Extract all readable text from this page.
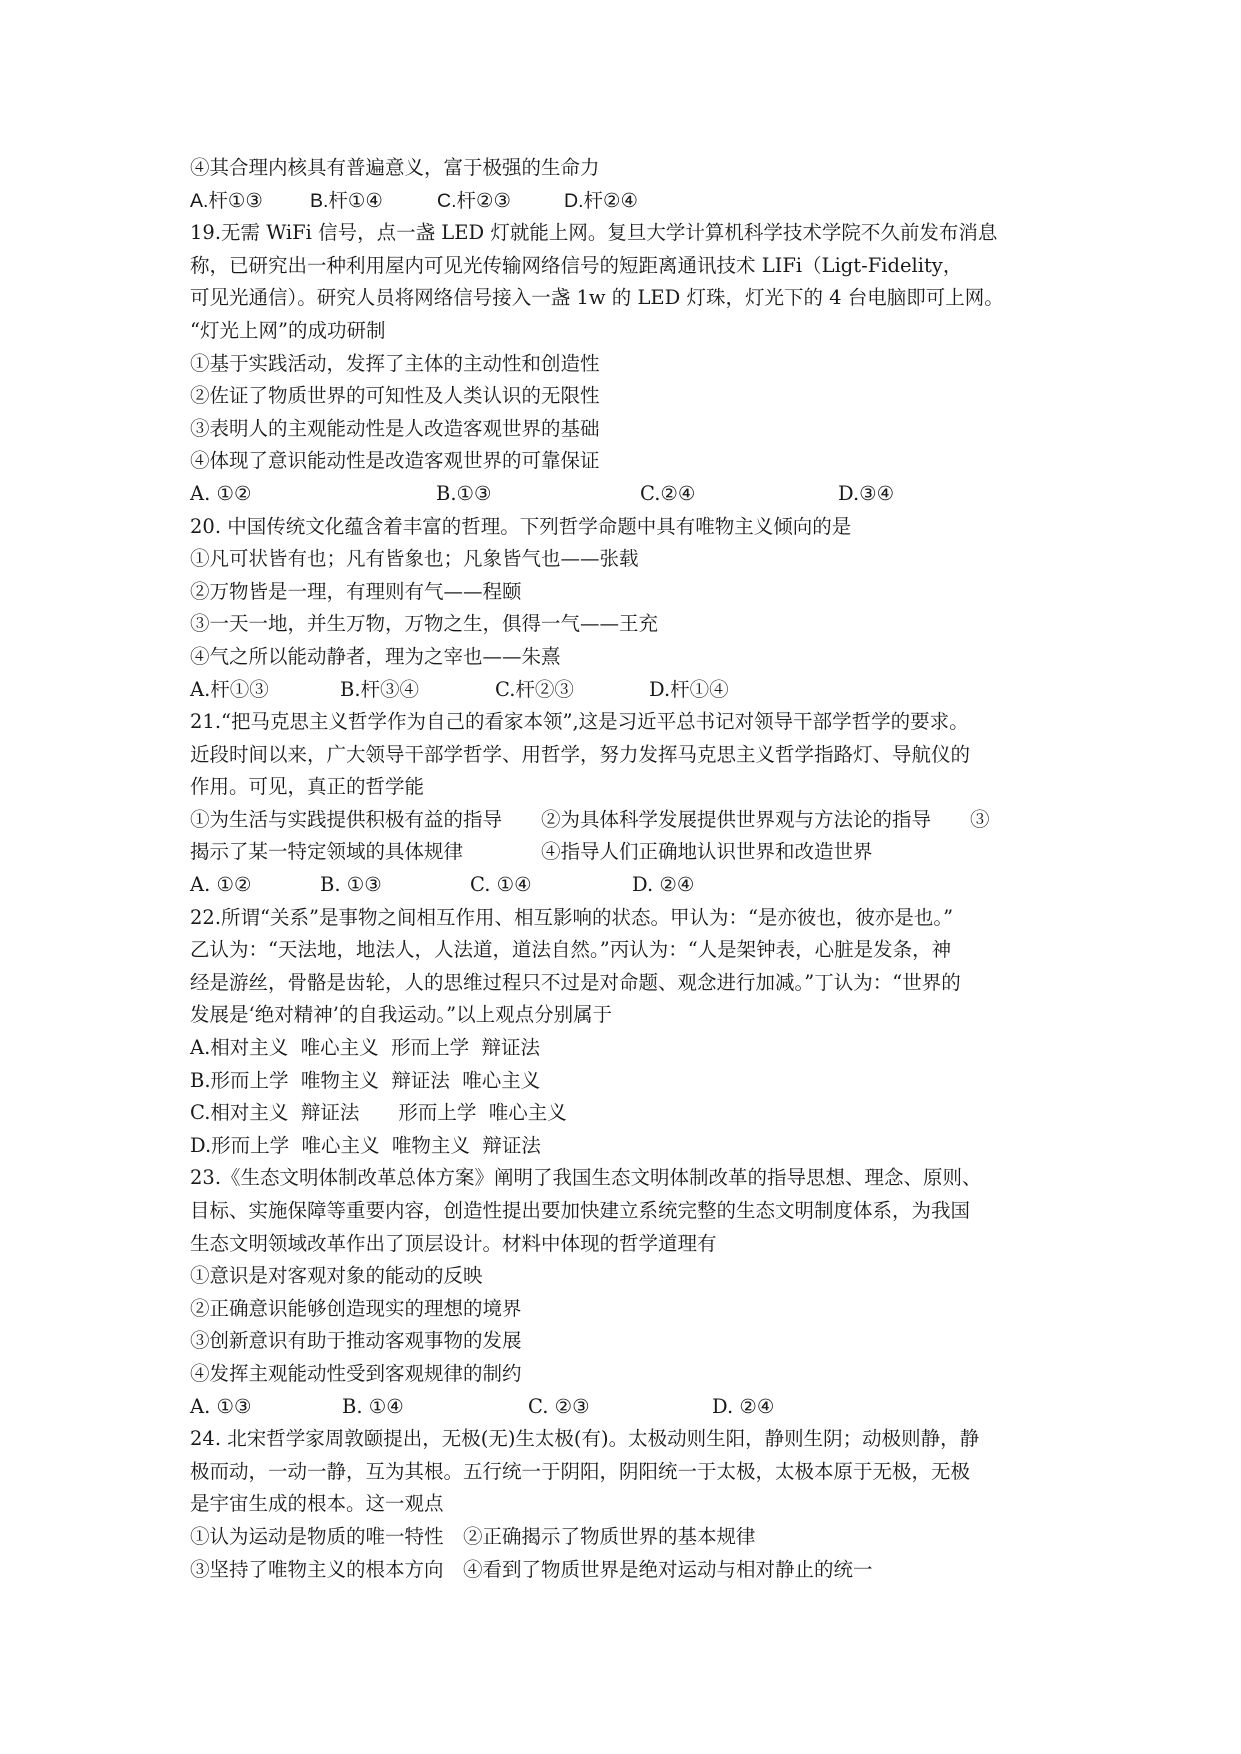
④其合理内核具有普遍意义，富于极强的生命力
A.杆①③	B.杆①④	C.杆②③	D.杆②④
19.无需 WiFi 信号，点一盏 LED 灯就能上网。复旦大学计算机科学技术学院不久前发布消息
称，已研究出一种利用屋内可见光传输网络信号的短距离通讯技术 LIFi（Ligt-Fidelity，
可见光通信）。研究人员将网络信号接入一盏 1w 的 LED 灯珠，灯光下的 4 台电脑即可上网。
“灯光上网”的成功研制
①基于实践活动，发挥了主体的主动性和创造性
②佐证了物质世界的可知性及人类认识的无限性
③表明人的主观能动性是人改造客观世界的基础
④体现了意识能动性是改造客观世界的可靠保证
A. ①②	B.①③	C.②④	D.③④
20. 中国传统文化蕴含着丰富的哲理。下列哲学命题中具有唯物主义倾向的是
①凡可状皆有也；凡有皆象也；凡象皆气也——张载
②万物皆是一理，有理则有气——程颐
③一天一地，并生万物，万物之生，俱得一气——王充
④气之所以能动静者，理为之宰也——朱熹
A.杆①③	B.杆③④	C.杆②③	D.杆①④
21.“把马克思主义哲学作为自己的看家本领”,这是习近平总书记对领导干部学哲学的要求。
近段时间以来，广大领导干部学哲学、用哲学，努力发挥马克思主义哲学指路灯、导航仪的
作用。可见，真正的哲学能
①为生活与实践提供积极有益的指导　　②为具体科学发展提供世界观与方法论的指导　　③
揭示了某一特定领域的具体规律　　　　④指导人们正确地认识世界和改造世界
A. ①②	B. ①③	C. ①④	D. ②④
22.所谓“关系”是事物之间相互作用、相互影响的状态。甲认为：“是亦彼也，彼亦是也。”
乙认为：“天法地，地法人，人法道，道法自然。”丙认为：“人是架钟表，心脏是发条，神
经是游丝，骨骼是齿轮，人的思维过程只不过是对命题、观念进行加减。”丁认为：“世界的
发展是‘绝对精神’的自我运动。”以上观点分别属于
A.相对主义  唯心主义  形而上学  辩证法
B.形而上学  唯物主义  辩证法  唯心主义
C.相对主义  辩证法　　形而上学  唯心主义
D.形而上学  唯心主义  唯物主义  辩证法
23.《生态文明体制改革总体方案》阐明了我国生态文明体制改革的指导思想、理念、原则、
目标、实施保障等重要内容，创造性提出要加快建立系统完整的生态文明制度体系，为我国
生态文明领域改革作出了顶层设计。材料中体现的哲学道理有
①意识是对客观对象的能动的反映
②正确意识能够创造现实的理想的境界
③创新意识有助于推动客观事物的发展
④发挥主观能动性受到客观规律的制约
A. ①③	B. ①④	C. ②③	D. ②④
24. 北宋哲学家周敦颐提出，无极(无)生太极(有)。太极动则生阳，静则生阴；动极则静，静
极而动，一动一静，互为其根。五行统一于阴阳，阴阳统一于太极，太极本原于无极，无极
是宇宙生成的根本。这一观点
①认为运动是物质的唯一特性　②正确揭示了物质世界的基本规律
③坚持了唯物主义的根本方向　④看到了物质世界是绝对运动与相对静止的统一
